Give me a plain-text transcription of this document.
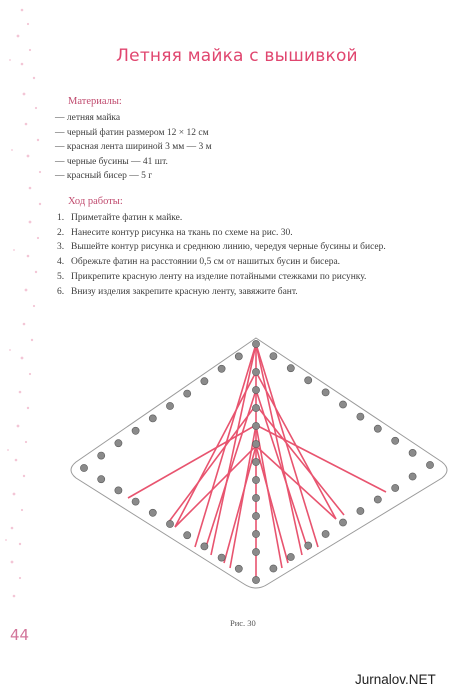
Летняя майка с вышивкой
Материалы:
— летняя майка
— черный фатин размером 12 × 12 см
— красная лента шириной 3 мм — 3 м
— черные бусины — 41 шт.
— красный бисер — 5 г
Ход работы:
1. Приметайте фатин к майке.
2. Нанесите контур рисунка на ткань по схеме на рис. 30.
3. Вышейте контур рисунка и среднюю линию, чередуя черные бусины и бисер.
4. Обрежьте фатин на расстоянии 0,5 см от нашитых бусин и бисера.
5. Прикрепите красную ленту на изделие потайными стежками по рисунку.
6. Внизу изделия закрепите красную ленту, завяжите бант.
Рис. 30
44
Jurnalov.NET
